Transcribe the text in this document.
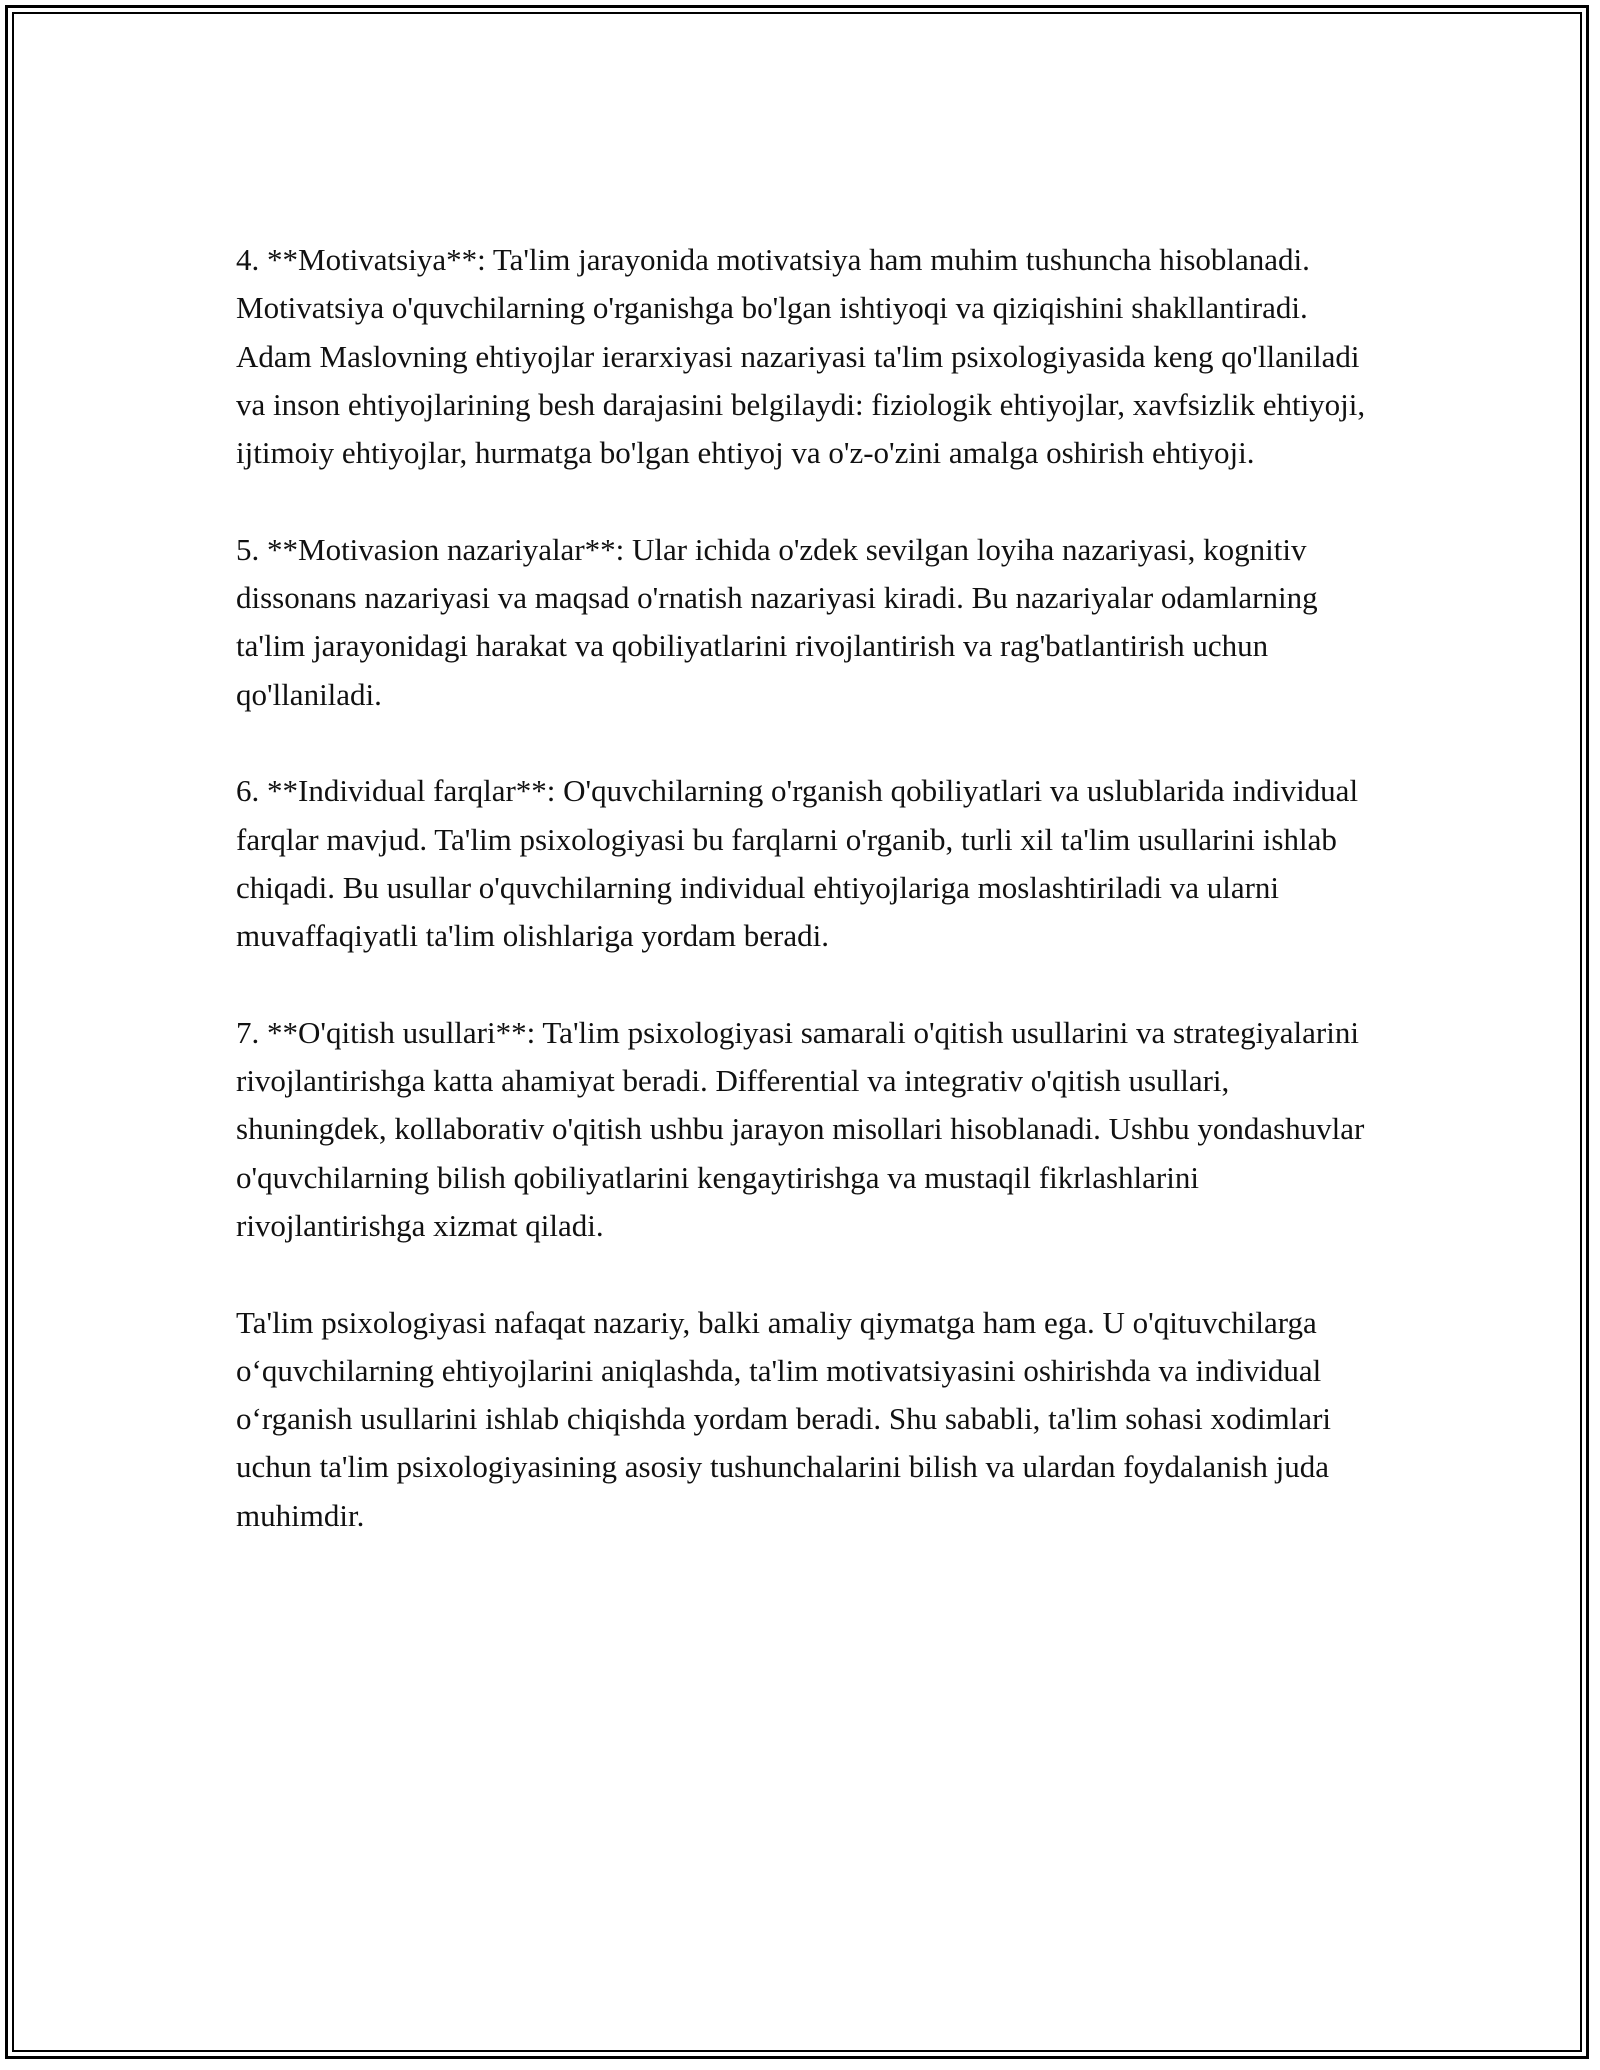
4. **Motivatsiya**: Ta'lim jarayonida motivatsiya ham muhim tushuncha hisoblanadi. Motivatsiya o'quvchilarning o'rganishga bo'lgan ishtiyoqi va qiziqishini shakllantiradi. Adam Maslovning ehtiyojlar ierarxiyasi nazariyasi ta'lim psixologiyasida keng qo'llaniladi va inson ehtiyojlarining besh darajasini belgilaydi: fiziologik ehtiyojlar, xavfsizlik ehtiyoji, ijtimoiy ehtiyojlar, hurmatga bo'lgan ehtiyoj va o'z-o'zini amalga oshirish ehtiyoji.

5. **Motivasion nazariyalar**: Ular ichida o'zdek sevilgan loyiha nazariyasi, kognitiv dissonans nazariyasi va maqsad o'rnatish nazariyasi kiradi. Bu nazariyalar odamlarning ta'lim jarayonidagi harakat va qobiliyatlarini rivojlantirish va rag'batlantirish uchun qo'llaniladi.

6. **Individual farqlar**: O'quvchilarning o'rganish qobiliyatlari va uslublarida individual farqlar mavjud. Ta'lim psixologiyasi bu farqlarni o'rganib, turli xil ta'lim usullarini ishlab chiqadi. Bu usullar o'quvchilarning individual ehtiyojlariga moslashtiriladi va ularni muvaffaqiyatli ta'lim olishlariga yordam beradi.

7. **O'qitish usullari**: Ta'lim psixologiyasi samarali o'qitish usullarini va strategiyalarini rivojlantirishga katta ahamiyat beradi. Differential va integrativ o'qitish usullari, shuningdek, kollaborativ o'qitish ushbu jarayon misollari hisoblanadi. Ushbu yondashuvlar o'quvchilarning bilish qobiliyatlarini kengaytirishga va mustaqil fikrlashlarini rivojlantirishga xizmat qiladi.

Ta'lim psixologiyasi nafaqat nazariy, balki amaliy qiymatga ham ega. U o'qituvchilarga o‘quvchilarning ehtiyojlarini aniqlashda, ta'lim motivatsiyasini oshirishda va individual o‘rganish usullarini ishlab chiqishda yordam beradi. Shu sababli, ta'lim sohasi xodimlari uchun ta'lim psixologiyasining asosiy tushunchalarini bilish va ulardan foydalanish juda muhimdir.
